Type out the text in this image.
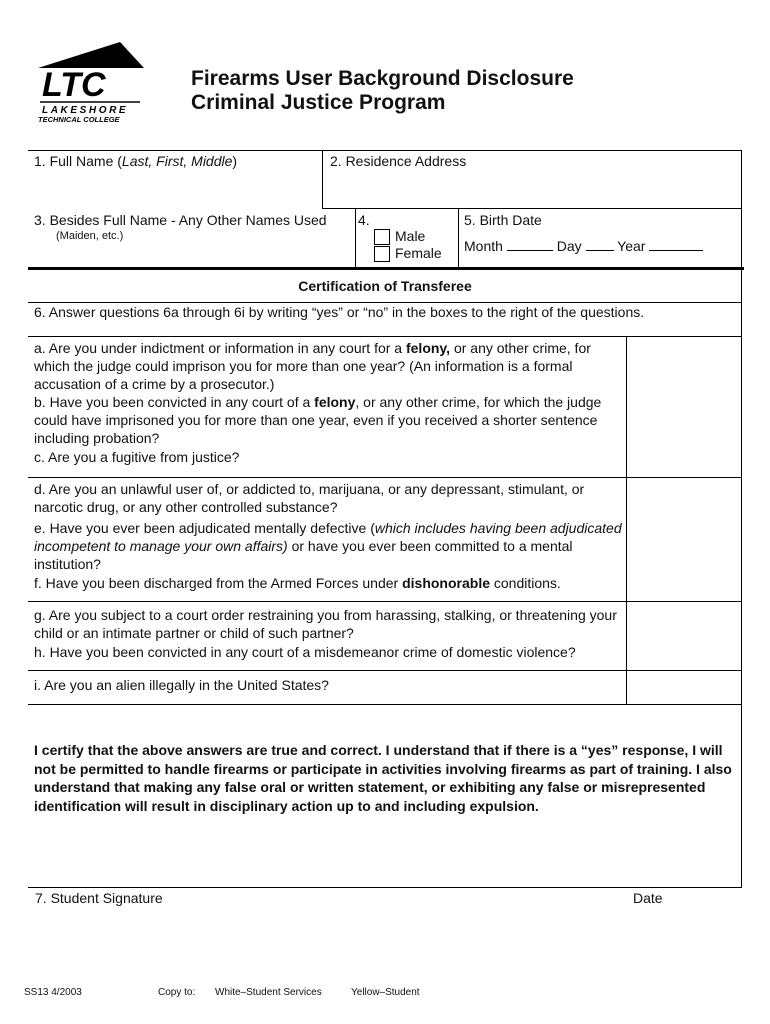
LTC
LAKESHORE
TECHNICAL COLLEGE
Firearms User Background Disclosure
Criminal Justice Program
1. Full Name (Last, First, Middle)	2. Residence Address
3. Besides Full Name - Any Other Names Used
(Maiden, etc.)
4.
Male
Female
5. Birth Date
Month	Day	Year
Certification of Transferee
6. Answer questions 6a through 6i by writing “yes” or “no” in the boxes to the right of the questions.
a. Are you under indictment or information in any court for a felony, or any other crime, for which the judge could imprison you for more than one year? (An information is a formal accusation of a crime by a prosecutor.)
b. Have you been convicted in any court of a felony, or any other crime, for which the judge could have imprisoned you for more than one year, even if you received a shorter sentence including probation?
c. Are you a fugitive from justice?
d. Are you an unlawful user of, or addicted to, marijuana, or any depressant, stimulant, or narcotic drug, or any other controlled substance?
e. Have you ever been adjudicated mentally defective (which includes having been adjudicated incompetent to manage your own affairs) or have you ever been committed to a mental institution?
f. Have you been discharged from the Armed Forces under dishonorable conditions.
g. Are you subject to a court order restraining you from harassing, stalking, or threatening your child or an intimate partner or child of such partner?
h. Have you been convicted in any court of a misdemeanor crime of domestic violence?
i. Are you an alien illegally in the United States?
I certify that the above answers are true and correct. I understand that if there is a “yes” response, I will not be permitted to handle firearms or participate in activities involving firearms as part of training. I also understand that making any false oral or written statement, or exhibiting any false or misrepresented identification will result in disciplinary action up to and including expulsion.
7. Student Signature	Date
SS13 4/2003	Copy to: White–Student Services	Yellow–Student
